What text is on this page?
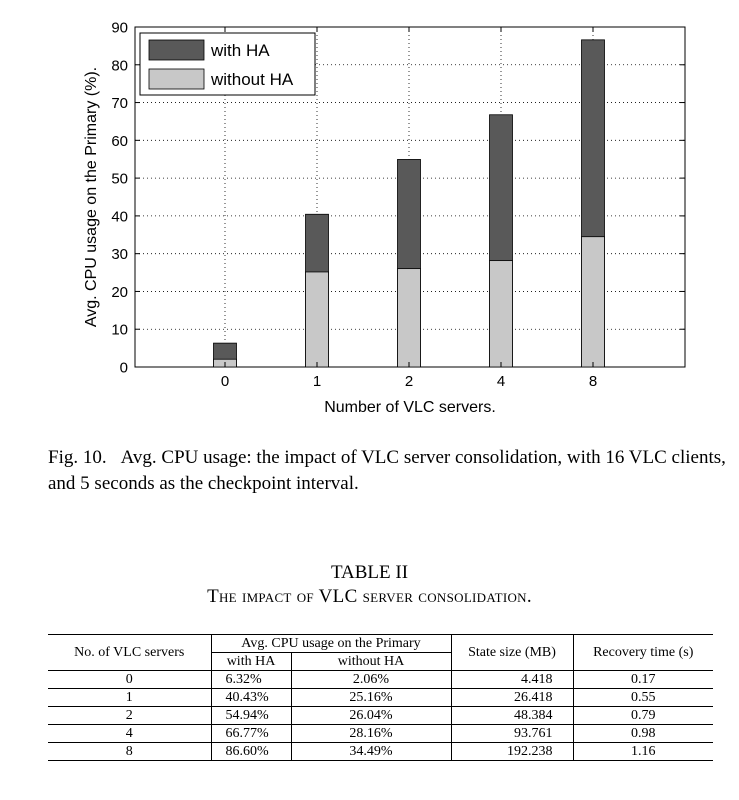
0
10
20
30
40
50
60
70
80
90
0	1	2	4	8
Number of VLC servers.
Avg. CPU usage on the Primary (%).
with HA
without HA
Fig. 10. Avg. CPU usage: the impact of VLC server consolidation, with 16 VLC clients, and 5 seconds as the checkpoint interval.
TABLE II
The impact of VLC server consolidation.
No. of VLC servers	Avg. CPU usage on the Primary		State size (MB)	Recovery time (s)
	with HA	without HA		
0	6.32%	2.06%	4.418	0.17
1	40.43%	25.16%	26.418	0.55
2	54.94%	26.04%	48.384	0.79
4	66.77%	28.16%	93.761	0.98
8	86.60%	34.49%	192.238	1.16
